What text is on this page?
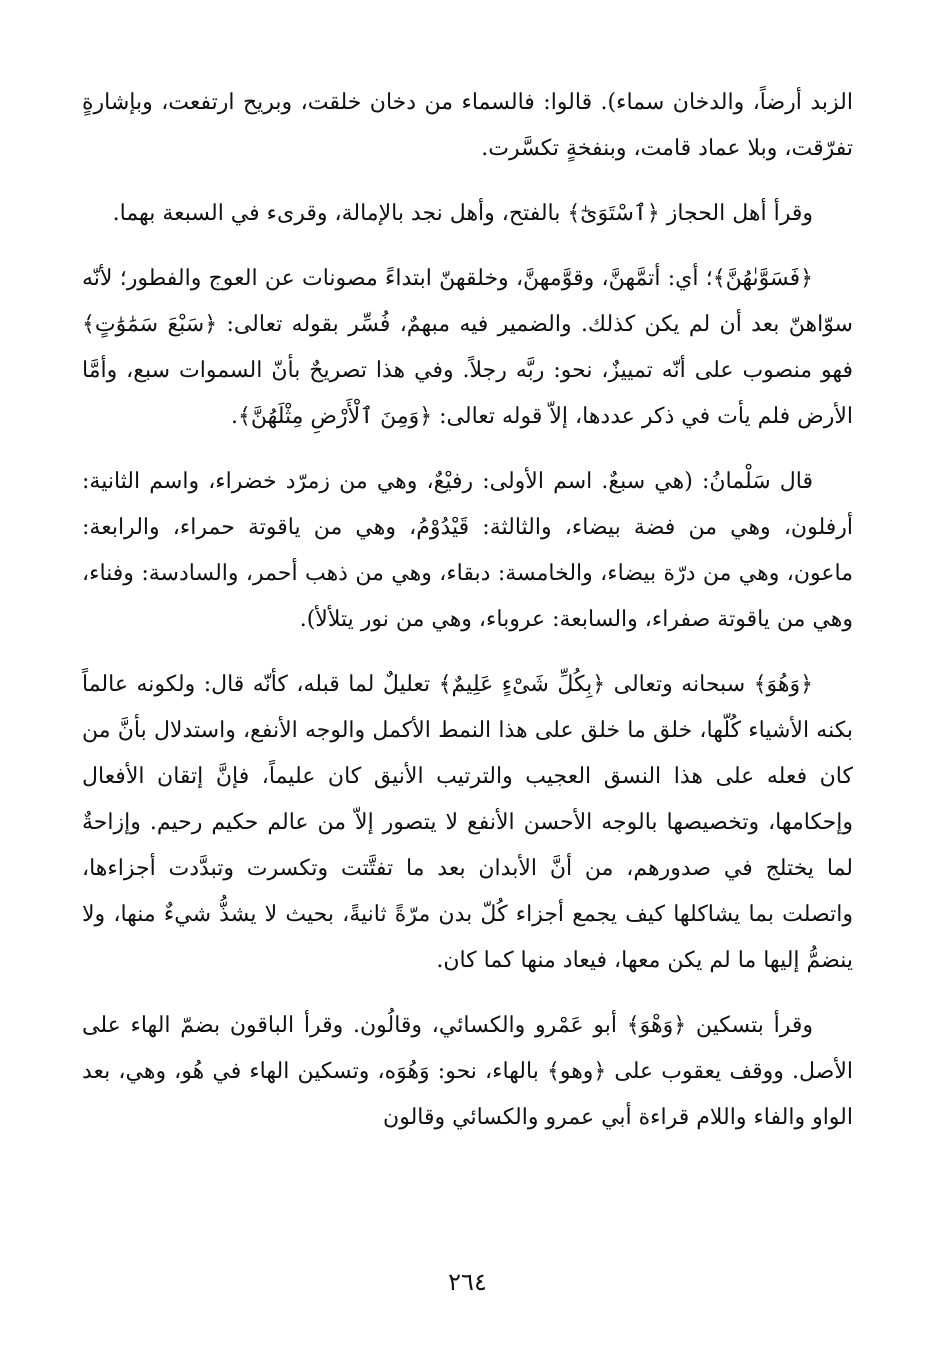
الزبد أرضاً، والدخان سماء). قالوا: فالسماء من دخان خلقت، وبريح ارتفعت، وبإشارةٍ تفرّقت، وبلا عماد قامت، وبنفخةٍ تكسَّرت.

وقرأ أهل الحجاز ﴿ٱسْتَوَىٰٓ﴾ بالفتح، وأهل نجد بالإمالة، وقرىء في السبعة بهما.

﴿فَسَوَّىٰهُنَّ﴾؛ أي: أتمَّهنَّ، وقوَّمهنَّ، وخلقهنّ ابتداءً مصونات عن العوج والفطور؛ لأنّه سوّاهنّ بعد أن لم يكن كذلك. والضمير فيه مبهمٌ، فُسِّر بقوله تعالى: ﴿سَبْعَ سَمَٰوَٰتٍ﴾ فهو منصوب على أنّه تمييزٌ، نحو: ربَّه رجلاً. وفي هذا تصريحٌ بأنّ السموات سبع، وأمَّا الأرض فلم يأت في ذكر عددها، إلاّ قوله تعالى: ﴿وَمِنَ ٱلْأَرْضِ مِثْلَهُنَّ﴾.

قال سَلْمانُ: (هي سبعٌ. اسم الأولى: رفيْعٌ، وهي من زمرّد خضراء، واسم الثانية: أرفلون، وهي من فضة بيضاء، والثالثة: قَيْدُوْمُ، وهي من ياقوتة حمراء، والرابعة: ماعون، وهي من درّة بيضاء، والخامسة: دبقاء، وهي من ذهب أحمر، والسادسة: وفناء، وهي من ياقوتة صفراء، والسابعة: عروباء، وهي من نور يتلألأ).

﴿وَهُوَ﴾ سبحانه وتعالى ﴿بِكُلِّ شَىْءٍ عَلِيمٌ﴾ تعليلٌ لما قبله، كأنّه قال: ولكونه عالماً بكنه الأشياء كُلّها، خلق ما خلق على هذا النمط الأكمل والوجه الأنفع، واستدلال بأنَّ من كان فعله على هذا النسق العجيب والترتيب الأنيق كان عليماً، فإنَّ إتقان الأفعال وإحكامها، وتخصيصها بالوجه الأحسن الأنفع لا يتصور إلاّ من عالم حكيم رحيم. وإزاحةٌ لما يختلج في صدورهم، من أنَّ الأبدان بعد ما تفتَّتت وتكسرت وتبدَّدت أجزاءها، واتصلت بما يشاكلها كيف يجمع أجزاء كُلّ بدن مرّةً ثانيةً، بحيث لا يشذُّ شيءٌ منها، ولا ينضمُّ إليها ما لم يكن معها، فيعاد منها كما كان.

وقرأ بتسكين ﴿وَهْوَ﴾ أبو عَمْرو والكسائي، وقالُون. وقرأ الباقون بضمّ الهاء على الأصل. ووقف يعقوب على ﴿وهو﴾ بالهاء، نحو: وَهُوَه، وتسكين الهاء في هُو، وهي، بعد الواو والفاء واللام قراءة أبي عمرو والكسائي وقالون

٢٦٤
